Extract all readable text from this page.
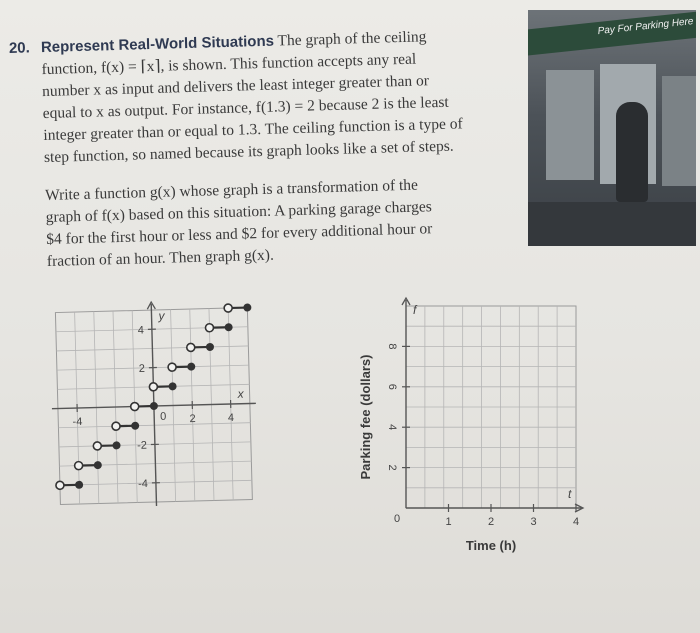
20. Represent Real-World Situations The graph of the ceiling
function, f(x) = ⌈x⌉, is shown. This function accepts any real
number x as input and delivers the least integer greater than or
equal to x as output. For instance, f(1.3) = 2 because 2 is the least
integer greater than or equal to 1.3. The ceiling function is a type of
step function, so named because its graph looks like a set of steps.
Write a function g(x) whose graph is a transformation of the
graph of f(x) based on this situation: A parking garage charges
$4 for the first hour or less and $2 for every additional hour or
fraction of an hour. Then graph g(x).
Pay For Parking Here
-4	2	4
4
2
-2
-4
0
x
y
1	2	3	4
2
4
6
8
0
f
t
Time (h)
Parking fee (dollars)
